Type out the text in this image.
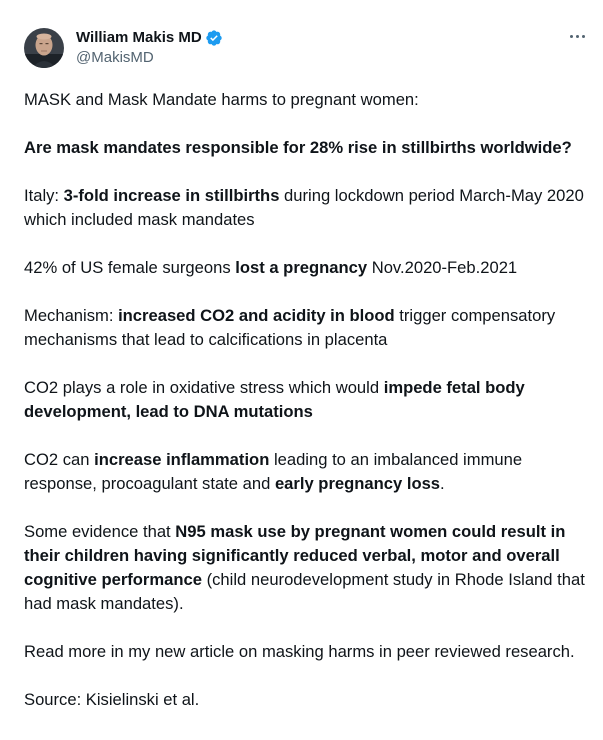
William Makis MD
@MakisMD

MASK and Mask Mandate harms to pregnant women:

Are mask mandates responsible for 28% rise in stillbirths worldwide?

Italy: 3-fold increase in stillbirths during lockdown period March-May 2020 which included mask mandates

42% of US female surgeons lost a pregnancy Nov.2020-Feb.2021

Mechanism: increased CO2 and acidity in blood trigger compensatory mechanisms that lead to calcifications in placenta

CO2 plays a role in oxidative stress which would impede fetal body development, lead to DNA mutations

CO2 can increase inflammation leading to an imbalanced immune response, procoagulant state and early pregnancy loss.

Some evidence that N95 mask use by pregnant women could result in their children having significantly reduced verbal, motor and overall cognitive performance (child neurodevelopment study in Rhode Island that had mask mandates).

Read more in my new article on masking harms in peer reviewed research.

Source: Kisielinski et al.
